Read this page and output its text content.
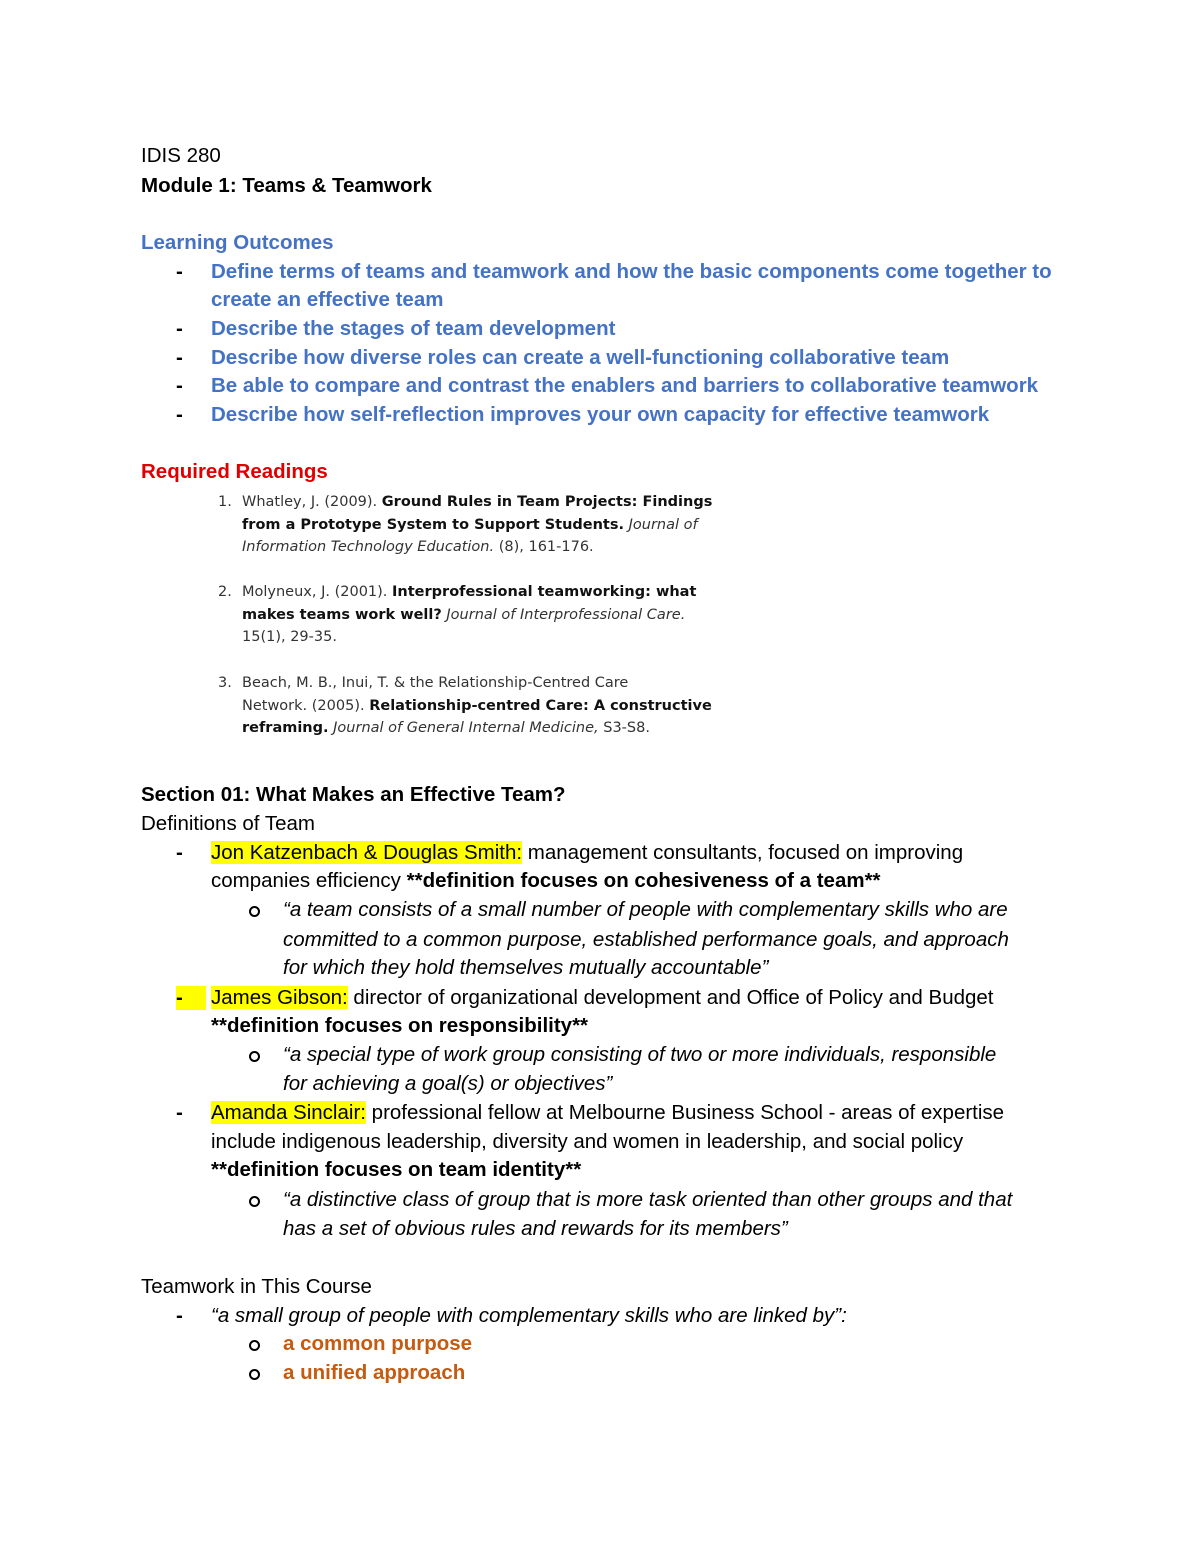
IDIS 280
Module 1: Teams & Teamwork
Learning Outcomes
- Define terms of teams and teamwork and how the basic components come together to
create an effective team
- Describe the stages of team development
- Describe how diverse roles can create a well-functioning collaborative team
- Be able to compare and contrast the enablers and barriers to collaborative teamwork
- Describe how self-reflection improves your own capacity for effective teamwork
Required Readings
1. Whatley, J. (2009). Ground Rules in Team Projects: Findings
from a Prototype System to Support Students. Journal of
Information Technology Education. (8), 161-176.
2. Molyneux, J. (2001). Interprofessional teamworking: what
makes teams work well? Journal of Interprofessional Care.
15(1), 29-35.
3. Beach, M. B., Inui, T. & the Relationship-Centred Care
Network. (2005). Relationship-centred Care: A constructive
reframing. Journal of General Internal Medicine, S3-S8.
Section 01: What Makes an Effective Team?
Definitions of Team
- Jon Katzenbach & Douglas Smith: management consultants, focused on improving
companies efficiency **definition focuses on cohesiveness of a team**
“a team consists of a small number of people with complementary skills who are
committed to a common purpose, established performance goals, and approach
for which they hold themselves mutually accountable”
- James Gibson: director of organizational development and Office of Policy and Budget
**definition focuses on responsibility**
“a special type of work group consisting of two or more individuals, responsible
for achieving a goal(s) or objectives”
- Amanda Sinclair: professional fellow at Melbourne Business School - areas of expertise
include indigenous leadership, diversity and women in leadership, and social policy
**definition focuses on team identity**
“a distinctive class of group that is more task oriented than other groups and that
has a set of obvious rules and rewards for its members”
Teamwork in This Course
- “a small group of people with complementary skills who are linked by”:
a common purpose
a unified approach
